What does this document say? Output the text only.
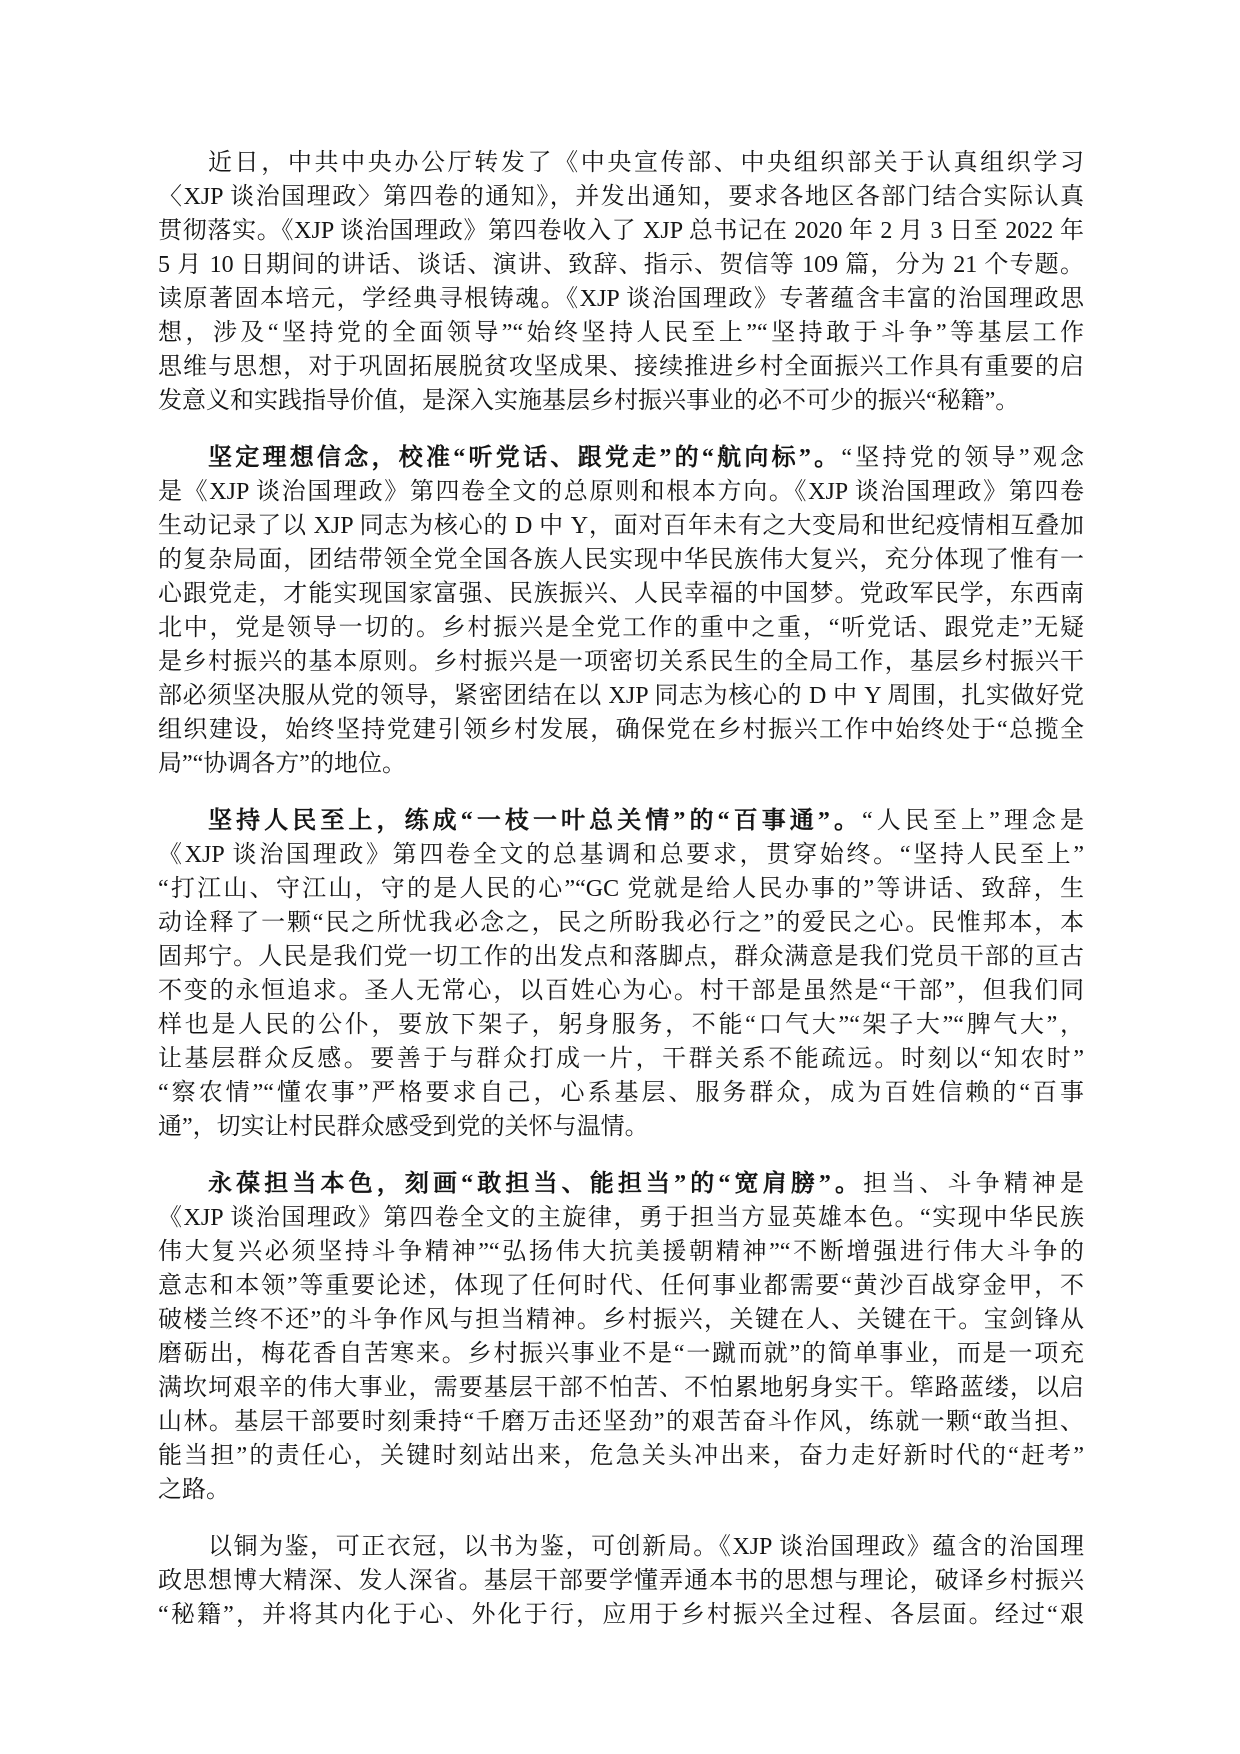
近日，中共中央办公厅转发了《中央宣传部、中央组织部关于认真组织学习
〈XJP 谈治国理政〉第四卷的通知》，并发出通知，要求各地区各部门结合实际认真
贯彻落实。《XJP 谈治国理政》第四卷收入了 XJP 总书记在 2020 年 2 月 3 日至 2022 年
5 月 10 日期间的讲话、谈话、演讲、致辞、指示、贺信等 109 篇，分为 21 个专题。
读原著固本培元，学经典寻根铸魂。《XJP 谈治国理政》专著蕴含丰富的治国理政思
想，涉及“坚持党的全面领导”“始终坚持人民至上”“坚持敢于斗争”等基层工作
思维与思想，对于巩固拓展脱贫攻坚成果、接续推进乡村全面振兴工作具有重要的启
发意义和实践指导价值，是深入实施基层乡村振兴事业的必不可少的振兴“秘籍”。
坚定理想信念，校准“听党话、跟党走”的“航向标”。“坚持党的领导”观念
是《XJP 谈治国理政》第四卷全文的总原则和根本方向。《XJP 谈治国理政》第四卷
生动记录了以 XJP 同志为核心的 D 中 Y，面对百年未有之大变局和世纪疫情相互叠加
的复杂局面，团结带领全党全国各族人民实现中华民族伟大复兴，充分体现了惟有一
心跟党走，才能实现国家富强、民族振兴、人民幸福的中国梦。党政军民学，东西南
北中，党是领导一切的。乡村振兴是全党工作的重中之重，“听党话、跟党走”无疑
是乡村振兴的基本原则。乡村振兴是一项密切关系民生的全局工作，基层乡村振兴干
部必须坚决服从党的领导，紧密团结在以 XJP 同志为核心的 D 中 Y 周围，扎实做好党
组织建设，始终坚持党建引领乡村发展，确保党在乡村振兴工作中始终处于“总揽全
局”“协调各方”的地位。
坚持人民至上，练成“一枝一叶总关情”的“百事通”。“人民至上”理念是
《XJP 谈治国理政》第四卷全文的总基调和总要求，贯穿始终。“坚持人民至上”
“打江山、守江山，守的是人民的心”“GC 党就是给人民办事的”等讲话、致辞，生
动诠释了一颗“民之所忧我必念之，民之所盼我必行之”的爱民之心。民惟邦本，本
固邦宁。人民是我们党一切工作的出发点和落脚点，群众满意是我们党员干部的亘古
不变的永恒追求。圣人无常心，以百姓心为心。村干部是虽然是“干部”，但我们同
样也是人民的公仆，要放下架子，躬身服务，不能“口气大”“架子大”“脾气大”，
让基层群众反感。要善于与群众打成一片，干群关系不能疏远。时刻以“知农时”
“察农情”“懂农事”严格要求自己，心系基层、服务群众，成为百姓信赖的“百事
通”，切实让村民群众感受到党的关怀与温情。
永葆担当本色，刻画“敢担当、能担当”的“宽肩膀”。担当、斗争精神是
《XJP 谈治国理政》第四卷全文的主旋律，勇于担当方显英雄本色。“实现中华民族
伟大复兴必须坚持斗争精神”“弘扬伟大抗美援朝精神”“不断增强进行伟大斗争的
意志和本领”等重要论述，体现了任何时代、任何事业都需要“黄沙百战穿金甲，不
破楼兰终不还”的斗争作风与担当精神。乡村振兴，关键在人、关键在干。宝剑锋从
磨砺出，梅花香自苦寒来。乡村振兴事业不是“一蹴而就”的简单事业，而是一项充
满坎坷艰辛的伟大事业，需要基层干部不怕苦、不怕累地躬身实干。筚路蓝缕，以启
山林。基层干部要时刻秉持“千磨万击还坚劲”的艰苦奋斗作风，练就一颗“敢当担、
能当担”的责任心，关键时刻站出来，危急关头冲出来，奋力走好新时代的“赶考”
之路。
以铜为鉴，可正衣冠，以书为鉴，可创新局。《XJP 谈治国理政》蕴含的治国理
政思想博大精深、发人深省。基层干部要学懂弄通本书的思想与理论，破译乡村振兴
“秘籍”，并将其内化于心、外化于行，应用于乡村振兴全过程、各层面。经过“艰
